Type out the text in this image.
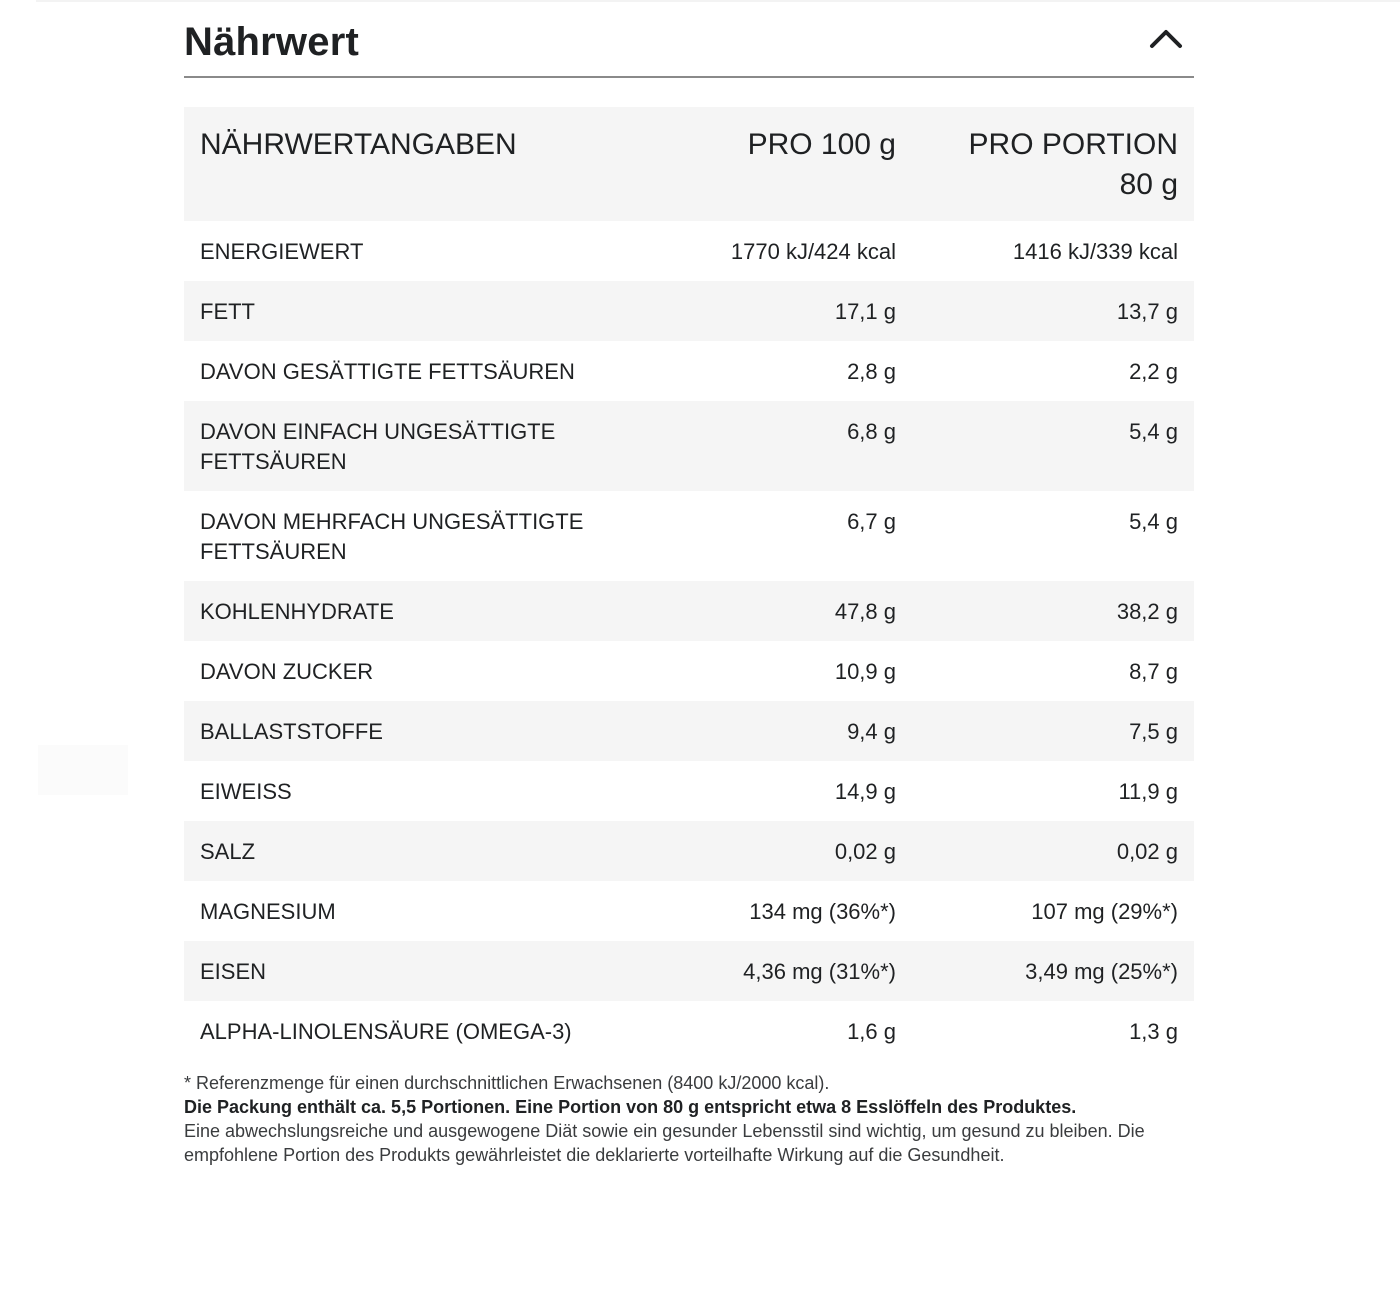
Nährwert
NÄHRWERTANGABEN	PRO 100 g	PRO PORTION 80 g
ENERGIEWERT	1770 kJ/424 kcal	1416 kJ/339 kcal
FETT	17,1 g	13,7 g
DAVON GESÄTTIGTE FETTSÄUREN	2,8 g	2,2 g
DAVON EINFACH UNGESÄTTIGTE FETTSÄUREN	6,8 g	5,4 g
DAVON MEHRFACH UNGESÄTTIGTE FETTSÄUREN	6,7 g	5,4 g
KOHLENHYDRATE	47,8 g	38,2 g
DAVON ZUCKER	10,9 g	8,7 g
BALLASTSTOFFE	9,4 g	7,5 g
EIWEISS	14,9 g	11,9 g
SALZ	0,02 g	0,02 g
MAGNESIUM	134 mg (36%*)	107 mg (29%*)
EISEN	4,36 mg (31%*)	3,49 mg (25%*)
ALPHA-LINOLENSÄURE (OMEGA-3)	1,6 g	1,3 g
* Referenzmenge für einen durchschnittlichen Erwachsenen (8400 kJ/2000 kcal).
Die Packung enthält ca. 5,5 Portionen. Eine Portion von 80 g entspricht etwa 8 Esslöffeln des Produktes.
Eine abwechslungsreiche und ausgewogene Diät sowie ein gesunder Lebensstil sind wichtig, um gesund zu bleiben. Die empfohlene Portion des Produkts gewährleistet die deklarierte vorteilhafte Wirkung auf die Gesundheit.
